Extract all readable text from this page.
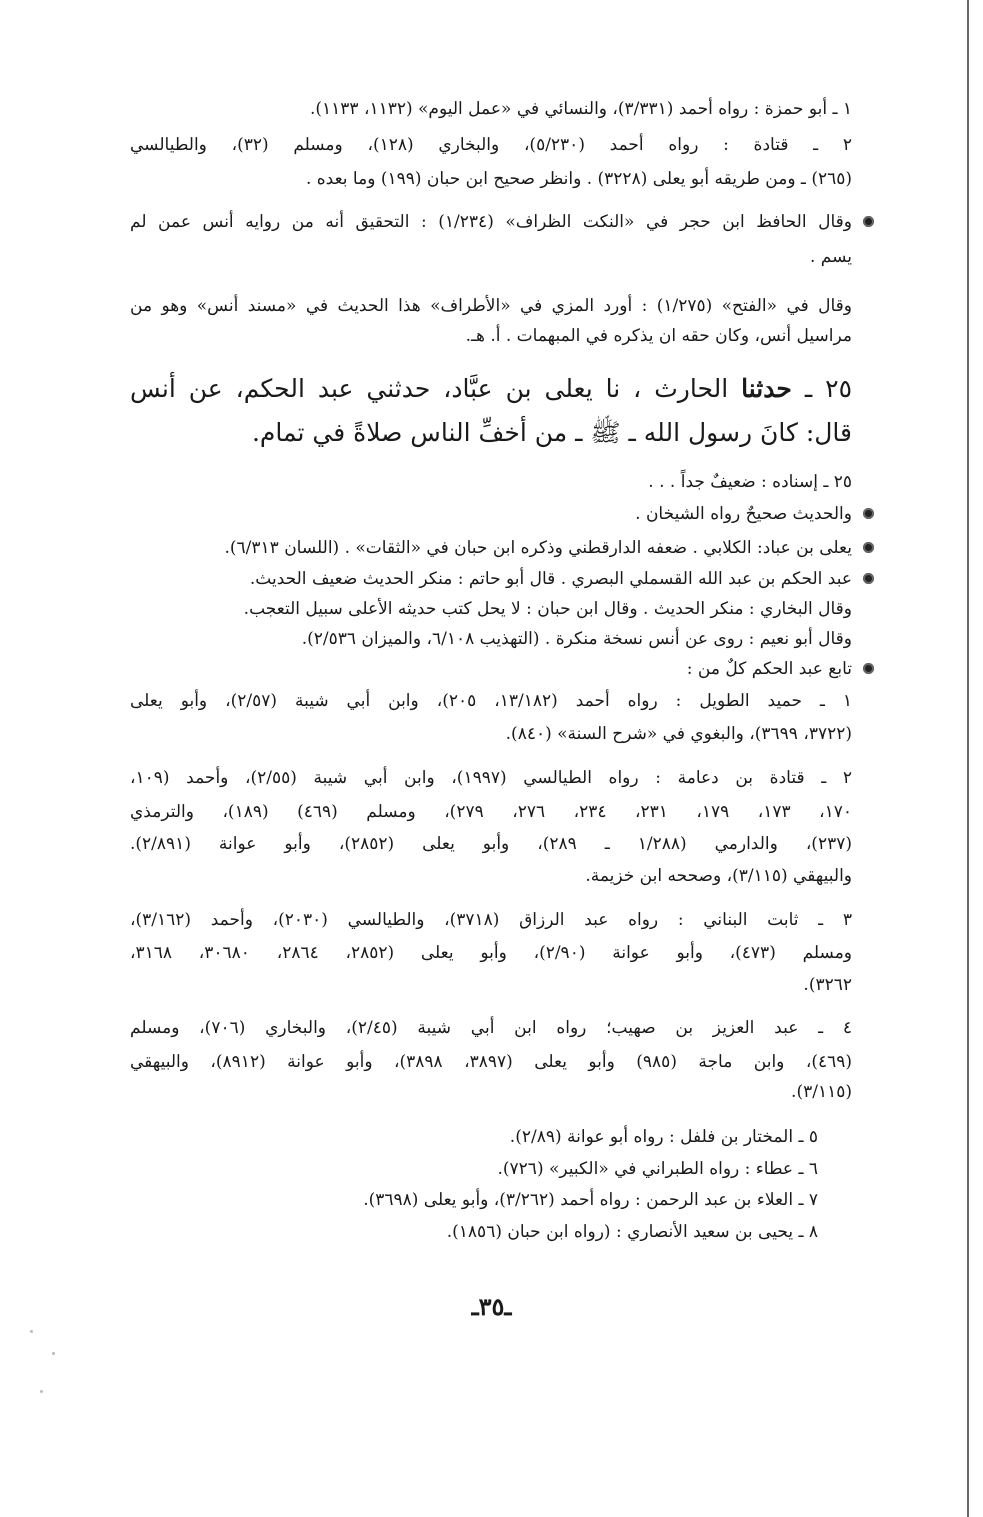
١ ـ أبو حمزة : رواه أحمد (٣/٣٣١)، والنسائي في «عمل اليوم» (١١٣٢، ١١٣٣).
٢ ـ قتادة : رواه أحمد (٥/٢٣٠)، والبخاري (١٢٨)، ومسلم (٣٢)، والطيالسي
(٢٦٥) ـ ومن طريقه أبو يعلى (٣٢٢٨) . وانظر صحيح ابن حبان (١٩٩) وما بعده .
وقال الحافظ ابن حجر في «النكت الظراف» (١/٢٣٤) : التحقيق أنه من روايه أنس عمن لم
يسم .
وقال في «الفتح» (١/٢٧٥) : أورد المزي في «الأطراف» هذا الحديث في «مسند أنس» وهو من
مراسيل أنس، وكان حقه ان يذكره في المبهمات . أ. هـ.
٢٥ ـ حدثنا الحارث ، نا يعلى بن عبَّاد، حدثني عبد الحكم، عن أنس
قال: كانَ رسول الله ـ ﷺ ـ من أخفِّ الناس صلاةً في تمام.
٢٥ ـ إسناده : ضعيفٌ جداً . . .
والحديث صحيحٌ رواه الشيخان .
يعلى بن عباد: الكلابي . ضعفه الدارقطني وذكره ابن حبان في «الثقات» . (اللسان ٦/٣١٣).
عبد الحكم بن عبد الله القسملي البصري . قال أبو حاتم : منكر الحديث ضعيف الحديث.
وقال البخاري : منكر الحديث . وقال ابن حبان : لا يحل كتب حديثه الأعلى سبيل التعجب.
وقال أبو نعيم : روى عن أنس نسخة منكرة . (التهذيب ٦/١٠٨، والميزان ٢/٥٣٦).
تابع عبد الحكم كلٌ من :
١ ـ حميد الطويل : رواه أحمد (١٣/١٨٢، ٢٠٥)، وابن أبي شيبة (٢/٥٧)، وأبو يعلى
(٣٧٢٢، ٣٦٩٩)، والبغوي في «شرح السنة» (٨٤٠).
٢ ـ قتادة بن دعامة : رواه الطيالسي (١٩٩٧)، وابن أبي شيبة (٢/٥٥)، وأحمد (١٠٩،
١٧٠، ١٧٣، ١٧٩، ٢٣١، ٢٣٤، ٢٧٦، ٢٧٩)، ومسلم (٤٦٩) (١٨٩)، والترمذي
(٢٣٧)، والدارمي (١/٢٨٨ ـ ٢٨٩)، وأبو يعلى (٢٨٥٢)، وأبو عوانة (٢/٨٩١).
والبيهقي (٣/١١٥)، وصححه ابن خزيمة.
٣ ـ ثابت البناني : رواه عبد الرزاق (٣٧١٨)، والطيالسي (٢٠٣٠)، وأحمد (٣/١٦٢)،
ومسلم (٤٧٣)، وأبو عوانة (٢/٩٠)، وأبو يعلى (٢٨٥٢، ٢٨٦٤، ٣٠٦٨٠، ٣١٦٨،
٣٢٦٢).
٤ ـ عبد العزيز بن صهيب؛ رواه ابن أبي شيبة (٢/٤٥)، والبخاري (٧٠٦)، ومسلم
(٤٦٩)، وابن ماجة (٩٨٥) وأبو يعلى (٣٨٩٧، ٣٨٩٨)، وأبو عوانة (٨٩١٢)، والبيهقي
(٣/١١٥).
٥ ـ المختار بن فلفل : رواه أبو عوانة (٢/٨٩).
٦ ـ عطاء : رواه الطبراني في «الكبير» (٧٢٦).
٧ ـ العلاء بن عبد الرحمن : رواه أحمد (٣/٢٦٢)، وأبو يعلى (٣٦٩٨).
٨ ـ يحيى بن سعيد الأنصاري : (رواه ابن حبان (١٨٥٦).
ـ٣٥ـ
